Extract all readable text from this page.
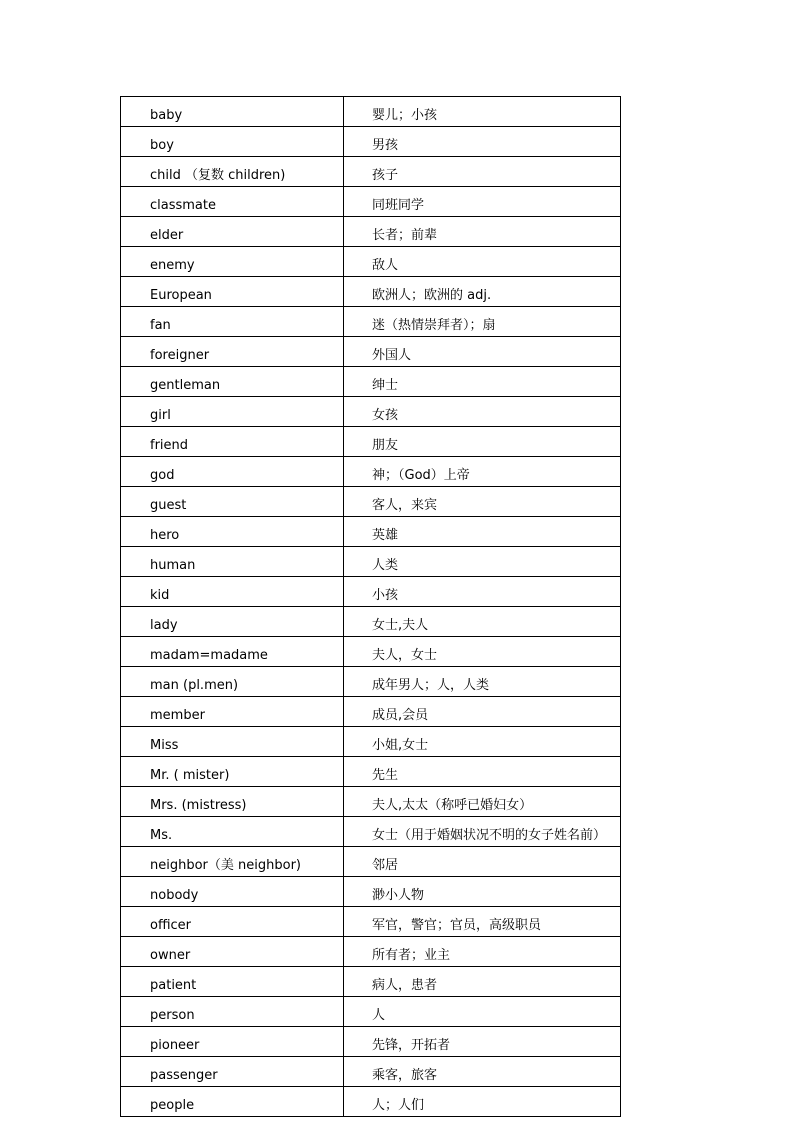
baby	婴儿；小孩
boy	男孩
child （复数 children)	孩子
classmate	同班同学
elder	长者；前辈
enemy	敌人
European	欧洲人；欧洲的 adj.
fan	迷（热情崇拜者）；扇
foreigner	外国人
gentleman	绅士
girl	女孩
friend	朋友
god	神；（God）上帝
guest	客人，来宾
hero	英雄
human	人类
kid	小孩
lady	女士,夫人
madam=madame	夫人，女士
man (pl.men)	成年男人；人，人类
member	成员,会员
Miss	小姐,女士
Mr. ( mister)	先生
Mrs. (mistress)	夫人,太太（称呼已婚妇女）
Ms.	女士（用于婚姻状况不明的女子姓名前）
neighbor（美 neighbor)	邻居
nobody	渺小人物
officer	军官，警官；官员，高级职员
owner	所有者；业主
patient	病人，患者
person	人
pioneer	先锋，开拓者
passenger	乘客，旅客
people	人；人们
